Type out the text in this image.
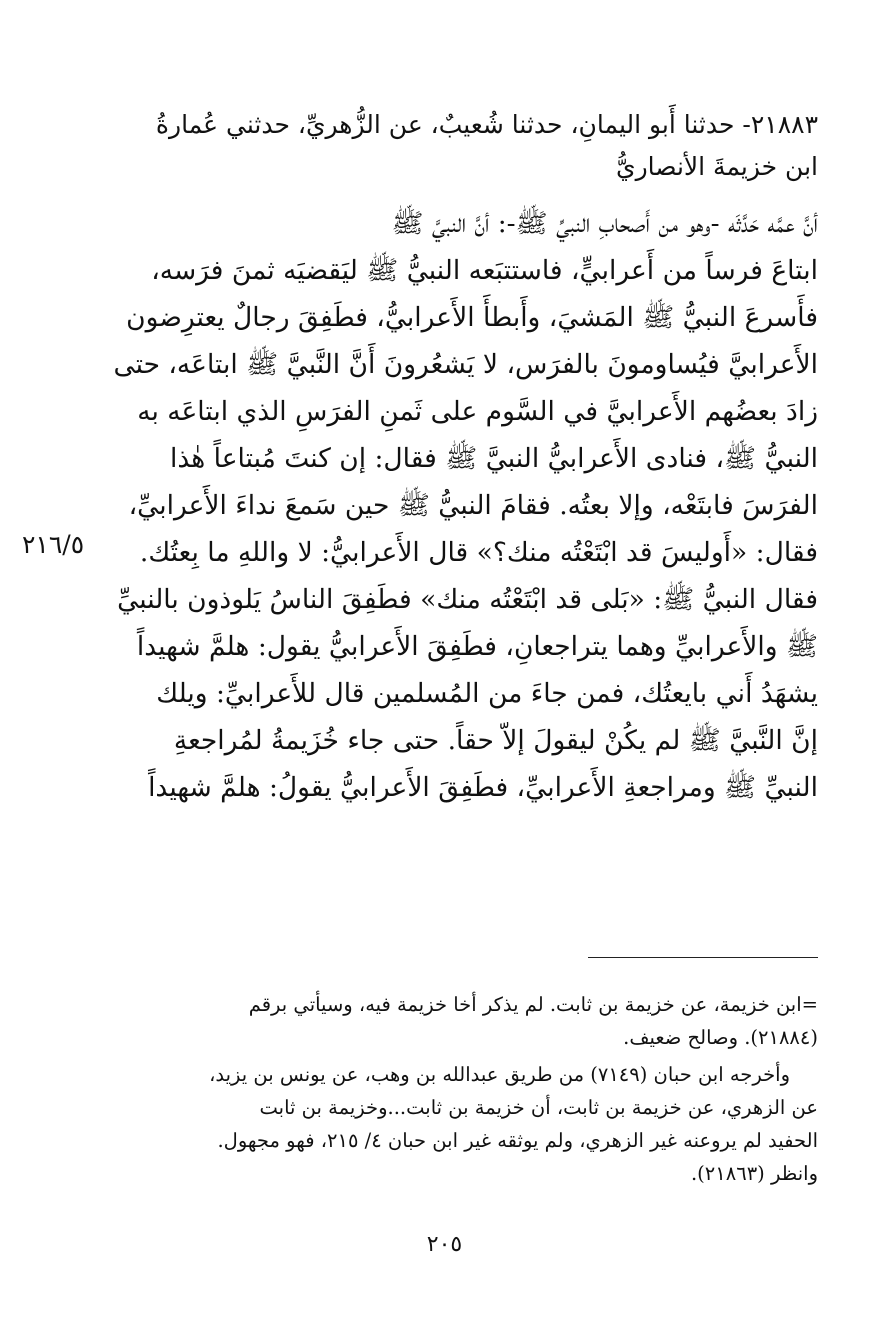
٢١٨٨٣- حدثنا أَبو اليمانِ، حدثنا شُعيبٌ، عن الزُّهريِّ، حدثني عُمارةُ
ابن خزيمةَ الأنصاريُّ
أنَّ عمَّه حَدَّثَه -وهو من أَصحابِ النبيِّ ﷺ-: أنَّ النبيَّ ﷺ
ابتاعَ فرساً من أَعرابيٍّ، فاستتبَعه النبيُّ ﷺ ليَقضيَه ثمنَ فرَسه،
فأَسرعَ النبيُّ ﷺ المَشيَ، وأَبطأَ الأَعرابيُّ، فطَفِقَ رجالٌ يعترِضون
الأَعرابيَّ فيُساومونَ بالفرَس، لا يَشعُرونَ أَنَّ النَّبيَّ ﷺ ابتاعَه، حتى
زادَ بعضُهم الأَعرابيَّ في السَّوم على ثَمنِ الفرَسِ الذي ابتاعَه به
النبيُّ ﷺ، فنادى الأَعرابيُّ النبيَّ ﷺ فقال: إن كنتَ مُبتاعاً هٰذا
الفرَسَ فابتَعْه، وإلا بعتُه. فقامَ النبيُّ ﷺ حين سَمعَ نداءَ الأَعرابيِّ،
فقال: «أَوليسَ قد ابْتَعْتُه منك؟» قال الأَعرابيُّ: لا واللهِ ما بِعتُك.
فقال النبيُّ ﷺ: «بَلى قد ابْتَعْتُه منك» فطَفِقَ الناسُ يَلوذون بالنبيِّ
ﷺ والأَعرابيِّ وهما يتراجعانِ، فطَفِقَ الأَعرابيُّ يقول: هلمَّ شهيداً
يشهَدُ أَني بايعتُك، فمن جاءَ من المُسلمين قال للأَعرابيِّ: ويلك
إنَّ النَّبيَّ ﷺ لم يكُنْ ليقولَ إلاّ حقاً. حتى جاء خُزَيمةُ لمُراجعةِ
النبيِّ ﷺ ومراجعةِ الأَعرابيِّ، فطَفِقَ الأَعرابيُّ يقولُ: هلمَّ شهيداً
٢١٦/٥

=ابن خزيمة، عن خزيمة بن ثابت. لم يذكر أخا خزيمة فيه، وسيأتي برقم
(٢١٨٨٤). وصالح ضعيف.

وأخرجه ابن حبان (٧١٤٩) من طريق عبدالله بن وهب، عن يونس بن يزيد،
عن الزهري، عن خزيمة بن ثابت، أن خزيمة بن ثابت...وخزيمة بن ثابت
الحفيد لم يروعنه غير الزهري، ولم يوثقه غير ابن حبان ٤/ ٢١٥، فهو مجهول.
وانظر (٢١٨٦٣).

٢٠٥
